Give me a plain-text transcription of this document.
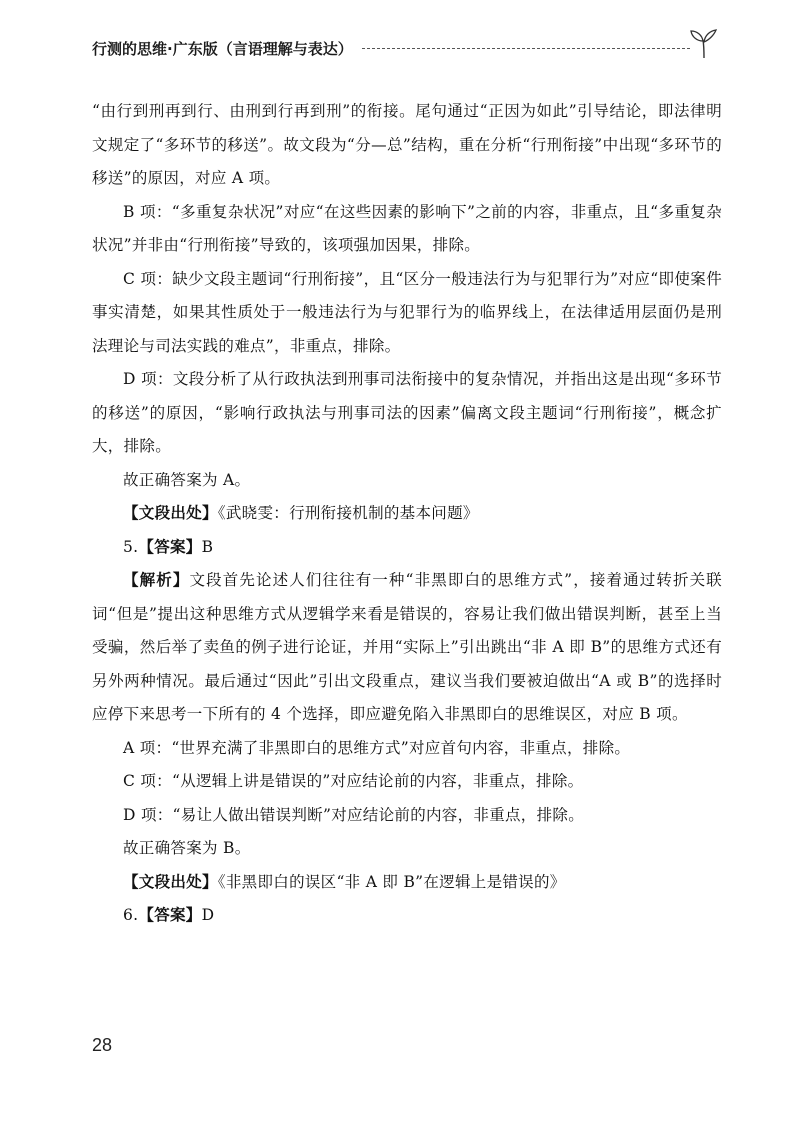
行测的思维·广东版（言语理解与表达）

“由行到刑再到行、由刑到行再到刑”的衔接。尾句通过“正因为如此”引导结论，即法律明文规定了“多环节的移送”。故文段为“分—总”结构，重在分析“行刑衔接”中出现“多环节的移送”的原因，对应 A 项。

B 项：“多重复杂状况”对应“在这些因素的影响下”之前的内容，非重点，且“多重复杂状况”并非由“行刑衔接”导致的，该项强加因果，排除。

C 项：缺少文段主题词“行刑衔接”，且“区分一般违法行为与犯罪行为”对应“即使案件事实清楚，如果其性质处于一般违法行为与犯罪行为的临界线上，在法律适用层面仍是刑法理论与司法实践的难点”，非重点，排除。

D 项：文段分析了从行政执法到刑事司法衔接中的复杂情况，并指出这是出现“多环节的移送”的原因，“影响行政执法与刑事司法的因素”偏离文段主题词“行刑衔接”，概念扩大，排除。

故正确答案为 A。

【文段出处】《武晓雯：行刑衔接机制的基本问题》

5.【答案】B

【解析】文段首先论述人们往往有一种“非黑即白的思维方式”，接着通过转折关联词“但是”提出这种思维方式从逻辑学来看是错误的，容易让我们做出错误判断，甚至上当受骗，然后举了卖鱼的例子进行论证，并用“实际上”引出跳出“非 A 即 B”的思维方式还有另外两种情况。最后通过“因此”引出文段重点，建议当我们要被迫做出“A 或 B”的选择时应停下来思考一下所有的 4 个选择，即应避免陷入非黑即白的思维误区，对应 B 项。

A 项：“世界充满了非黑即白的思维方式”对应首句内容，非重点，排除。

C 项：“从逻辑上讲是错误的”对应结论前的内容，非重点，排除。

D 项：“易让人做出错误判断”对应结论前的内容，非重点，排除。

故正确答案为 B。

【文段出处】《非黑即白的误区“非 A 即 B”在逻辑上是错误的》

6.【答案】D

28
